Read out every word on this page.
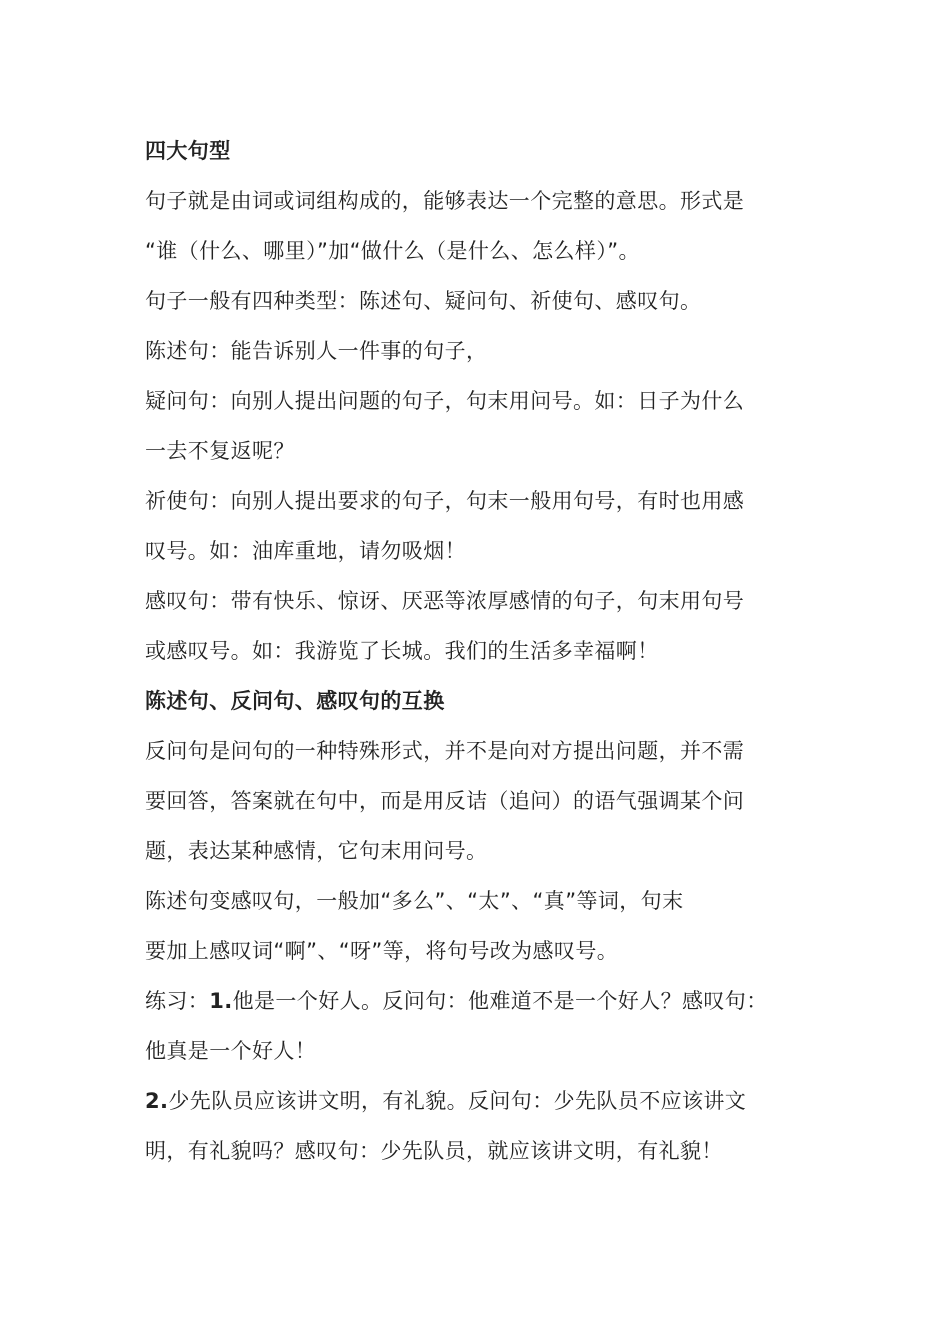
四大句型
句子就是由词或词组构成的，能够表达一个完整的意思。形式是
“谁（什么、哪里）”加“做什么（是什么、怎么样）”。
句子一般有四种类型：陈述句、疑问句、祈使句、感叹句。
陈述句：能告诉别人一件事的句子，
疑问句：向别人提出问题的句子，句末用问号。如：日子为什么
一去不复返呢？
祈使句：向别人提出要求的句子，句末一般用句号，有时也用感
叹号。如：油库重地，请勿吸烟！
感叹句：带有快乐、惊讶、厌恶等浓厚感情的句子，句末用句号
或感叹号。如：我游览了长城。我们的生活多幸福啊！
陈述句、反问句、感叹句的互换
反问句是问句的一种特殊形式，并不是向对方提出问题，并不需
要回答，答案就在句中，而是用反诘（追问）的语气强调某个问
题，表达某种感情，它句末用问号。
陈述句变感叹句，一般加“多么”、“太”、“真”等词，句末
要加上感叹词“啊”、“呀”等，将句号改为感叹号。
练习：1.他是一个好人。反问句：他难道不是一个好人？感叹句：
他真是一个好人！
2.少先队员应该讲文明，有礼貌。反问句：少先队员不应该讲文
明，有礼貌吗？感叹句：少先队员，就应该讲文明，有礼貌！
